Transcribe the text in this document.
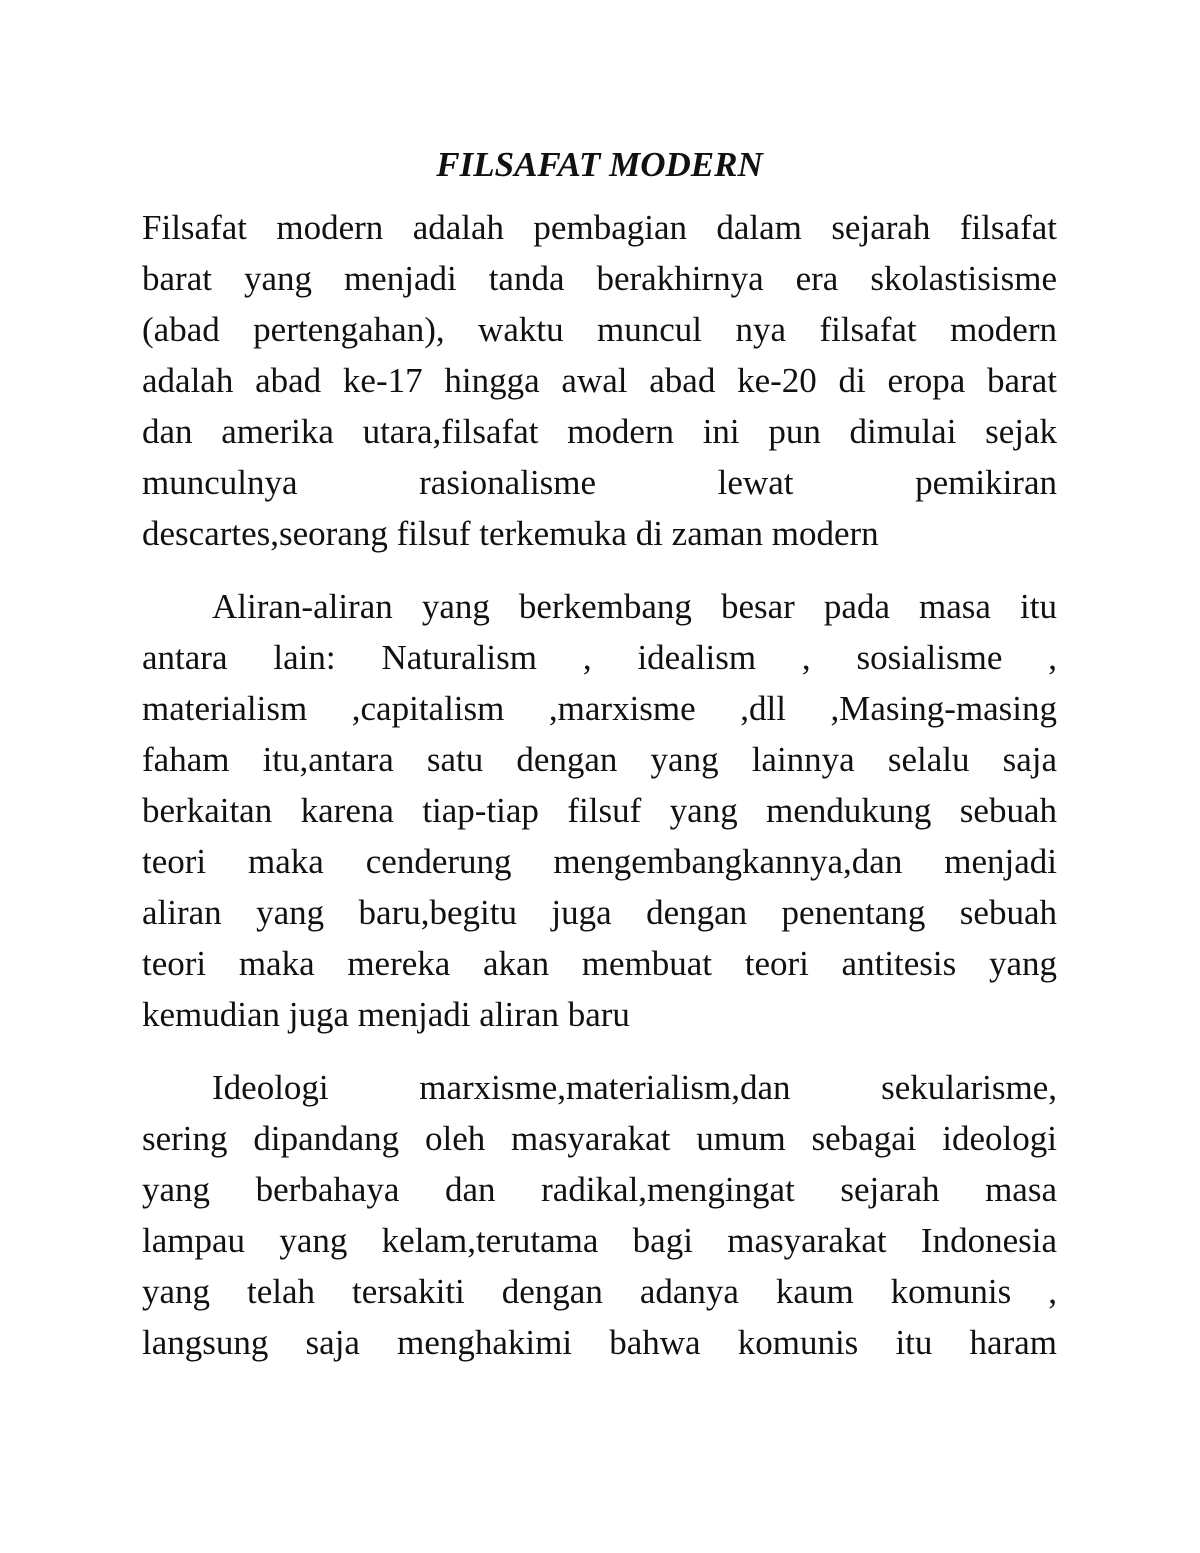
FILSAFAT MODERN
Filsafat modern adalah pembagian dalam sejarah filsafat
barat yang menjadi tanda berakhirnya era skolastisisme
(abad pertengahan), waktu muncul nya filsafat modern
adalah abad ke-17 hingga awal abad ke-20 di eropa barat
dan amerika utara,filsafat modern ini pun dimulai sejak
munculnya rasionalisme lewat pemikiran
descartes,seorang filsuf terkemuka di zaman modern
Aliran-aliran yang berkembang besar pada masa itu
antara lain: Naturalism , idealism , sosialisme ,
materialism ,capitalism ,marxisme ,dll ,Masing-masing
faham itu,antara satu dengan yang lainnya selalu saja
berkaitan karena tiap-tiap filsuf yang mendukung sebuah
teori maka cenderung mengembangkannya,dan menjadi
aliran yang baru,begitu juga dengan penentang sebuah
teori maka mereka akan membuat teori antitesis yang
kemudian juga menjadi aliran baru
Ideologi marxisme,materialism,dan sekularisme,
sering dipandang oleh masyarakat umum sebagai ideologi
yang berbahaya dan radikal,mengingat sejarah masa
lampau yang kelam,terutama bagi masyarakat Indonesia
yang telah tersakiti dengan adanya kaum komunis ,
langsung saja menghakimi bahwa komunis itu haram
